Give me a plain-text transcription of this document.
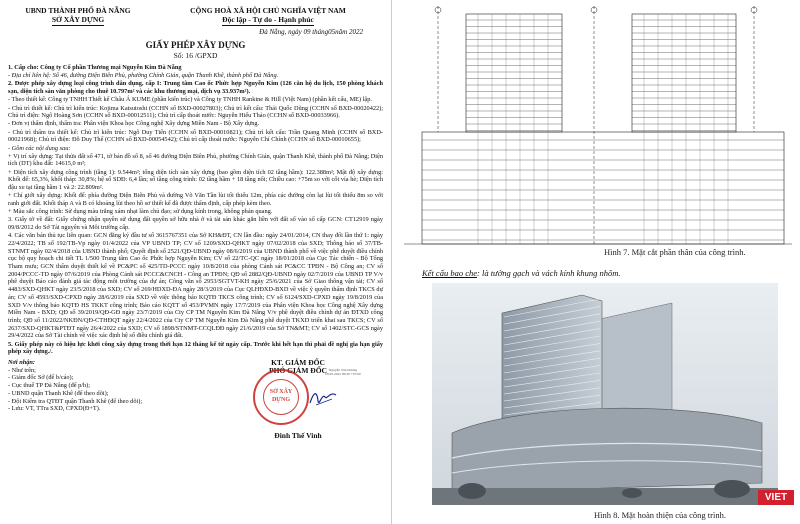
UBND THÀNH PHỐ ĐÀ NẴNG
SỞ XÂY DỰNG
CỘNG HOÀ XÃ HỘI CHỦ NGHĨA VIỆT NAM
Độc lập - Tự do - Hạnh phúc
Đà Nẵng, ngày 09 tháng05năm 2022
GIẤY PHÉP XÂY DỰNG
Số: 16 /GPXD

1. Cấp cho: Công ty Cổ phần Thương mại Nguyễn Kim Đà Nẵng

- Địa chỉ liên hệ: Số 46, đường Điện Biên Phủ, phường Chính Gián, quận Thanh Khê, thành phố Đà Nẵng.

2. Được phép xây dựng loại công trình dân dụng, cấp I: Trung tâm Cao ốc Phức hợp Nguyễn Kim (126 căn hộ du lịch, 150 phòng khách sạn, diện tích sàn văn phòng cho thuê 10.797m² và các khu thương mại, dịch vụ 33.937m²).

- Theo thiết kế: Công ty TNHH Thiết kế Châu Á KUME (phần kiến trúc) và Công ty TNHH Rankine & Hill (Việt Nam) (phần kết cấu, ME) lập.

- Chủ trì thiết kế: Chủ trì kiến trúc: Kojima Katsutoshi (CCHN số BXD-00027803); Chủ trì kết cấu: Thái Quốc Dũng (CCHN số BXD-00020422); Chủ trì điện: Ngô Hoàng Sơn (CCHN số BXD-00012511); Chủ trì cấp thoát nước: Nguyễn Hiếu Thảo (CCHN số BXD-00033966).

- Đơn vị thẩm định, thẩm tra: Phân viện Khoa học Công nghệ Xây dựng Miền Nam - Bộ Xây dựng.

- Chủ trì thẩm tra thiết kế: Chủ trì kiến trúc: Ngô Duy Tiến (CCHN số BXD-00010821); Chủ trì kết cấu: Trần Quang Minh (CCHN số BXD-00021968); Chủ trì điện: Đỗ Duy Thể (CCHN số BXD-00054542); Chủ trì cấp thoát nước: Nguyễn Chí Chính (CCHN số BXD-00010655);

- Gồm các nội dung sau:

+ Vị trí xây dựng: Tại thửa đất số 471, tờ bản đồ số 8, số 46 đường Điện Biên Phủ, phường Chính Gián, quận Thanh Khê, thành phố Đà Nẵng; Diện tích (DT) khu đất: 14615,0 m²;

+ Diện tích xây dựng công trình (tầng 1): 9.544m²; tổng diện tích sàn xây dựng (bao gồm diện tích 02 tầng hầm): 122.388m²; Mật độ xây dựng: Khối đế: 65,3%, khối tháp: 30,8%; hệ số SDĐ: 6,4 lần; số tầng công trình: 02 tầng hầm + 18 tầng nổi; Chiều cao: +75m so với cốt vỉa hè; Diện tích đậu xe tại tầng hầm 1 và 2: 22.809m².

+ Chỉ giới xây dựng: Khối đế: phía đường Điện Biên Phủ và đường Võ Văn Tần lùi tối thiểu 12m, phía các đường còn lại lùi tối thiểu 8m so với ranh giới đất. Khối tháp A và B có khoảng lùi theo hồ sơ thiết kế đã được thẩm định, cấp phép kèm theo.

+ Màu sắc công trình: Sử dụng màu trắng xám nhạt làm chủ đạo; sử dụng kính trong, không phản quang.

3. Giấy tờ về đất: Giấy chứng nhận quyền sử dụng đất quyền sở hữu nhà ở và tài sản khác gắn liền với đất số vào sổ cấp GCN: CT12919 ngày 09/8/2012 do Sở Tài nguyên và Môi trường cấp.

4. Các văn bản thủ tục liên quan: GCN đăng ký đầu tư số 3615767351 của Sở KH&ĐT, CN lần đầu: ngày 24/01/2014, CN thay đổi lần thứ 1: ngày 22/4/2022; TB số 192/TB-Vp ngày 01/4/2022 của VP UBND TP; CV số 1209/SXD-QHKT ngày 07/02/2018 của SXD; Thông báo số 37/TB-STNMT ngày 02/4/2018 của UBND thành phố; Quyết định số 2521/QĐ-UBND ngày 08/6/2019 của UBND thành phố về việc phê duyệt điều chỉnh cục bộ quy hoạch chi tiết TL 1/500 Trung tâm Cao ốc Phức hợp Nguyễn Kim; CV số 22/TC-QC ngày 18/01/2018 của Cục Tác chiến - Bộ Tổng Tham mưu; GCN thẩm duyệt thiết kế về PC&PC số 425/TD-PCCC ngày 10/8/2018 của phòng Cảnh sát PC&CC TPĐN - Bộ Công an; CV số 2004/PCCC-TD ngày 07/6/2019 của Phòng Cảnh sát PCCC&CNCH - Công an TPĐN; QĐ số 2882/QĐ-UBND ngày 02/7/2019 của UBND TP V/v phê duyệt Báo cáo đánh giá tác động môi trường của dự án; Công văn số 2953/SGTVT-KH ngày 25/6/2021 của Sở Giao thông vận tải; CV số 4483/SXD-QHKT ngày 23/5/2018 của SXD; CV số 269/HDXD-ĐA ngày 28/3/2019 của Cục QLHĐXD-BXD về việc ý quyền thẩm định TKCS dự án; CV số 4593/SXD-CPXD ngày 28/6/2019 của SXD về việc thông báo KQTĐ TKCS công trình; CV số 6124/SXD-CPXD ngày 19/8/2019 của SXD V/v thông báo KQTĐ HS TKKT công trình; Báo cáo KQTT số 453/PVMN ngày 17/7/2019 của Phân viện Khoa học Công nghệ Xây dựng Miền Nam - BXD; QĐ số 39/2019/QĐ-GĐ ngày 23/7/2019 của Cty CP TM Nguyễn Kim Đà Nẵng V/v phê duyệt điều chỉnh dự án ĐTXD công trình; QĐ số 11/2022/NKĐN/QĐ-CTHĐQT ngày 22/4/2022 của Cty CP TM Nguyễn Kim Đà Nẵng phê duyệt TKXD triển khai sau TKCS; CV số 2637/SXD-QHKT&PTĐT ngày 26/4/2022 của SXD; CV số 1898/STNMT-CCQLĐĐ ngày 21/6/2019 của Sở TN&MT; CV số 1402/STC-GCS ngày 29/4/2022 của Sở Tài chính về việc xác định hệ số điều chỉnh giá đất.

5. Giấy phép này có hiệu lực khởi công xây dựng trong thời hạn 12 tháng kể từ ngày cấp. Trước khi hết hạn thì phải đề nghị gia hạn giấy phép xây dựng./.

Nơi nhận:
- Như trên;
- Giám đốc Sở (để b/cáo);
- Cục thuế TP Đà Nẵng (để p/h);
- UBND quận Thanh Khê (để theo dõi);
- Đội Kiểm tra QTĐT quận Thanh Khê (để theo dõi);
- Lưu: VT, TTra SXD, CPXD(Đ+T).
KT. GIÁM ĐỐC
PHÓ GIÁM ĐỐC
SỞ XÂY DỰNG
Nguyễn Văn Dương 09.05.2022 09:20 +07:00
Đinh Thế Vinh
Hình 7. Mặt cắt phần thân của công trình.
Kết cấu bao che: là tường gạch và vách kính khung nhôm.
Hình 8. Mặt hoàn thiện của công trình.
VIET
